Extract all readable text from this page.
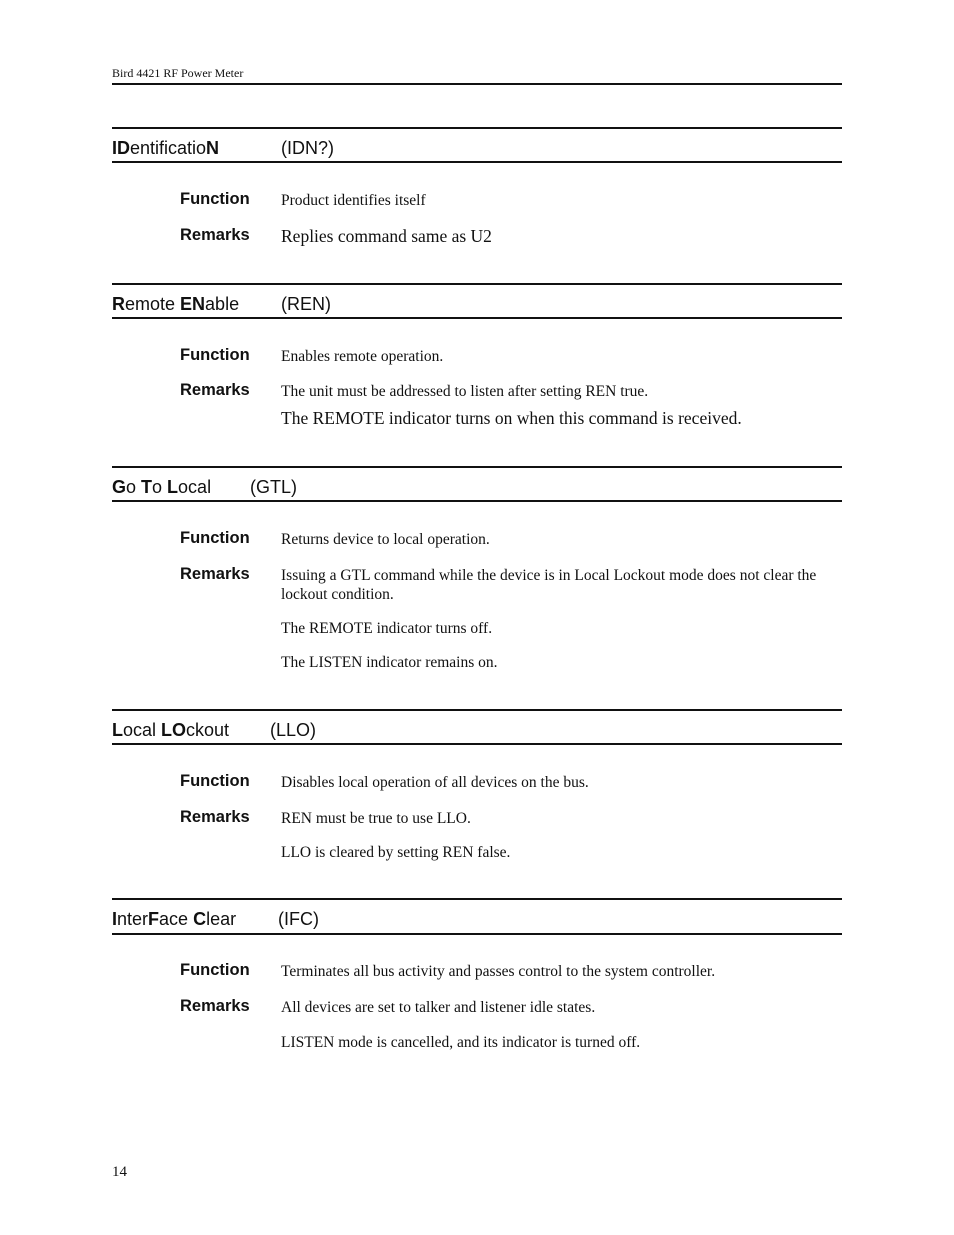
Bird 4421 RF Power Meter
IDentificatioN	(IDN?)
Function Product identifies itself
Remarks Replies command same as U2
Remote ENable (REN)
Function Enables remote operation.
Remarks The unit must be addressed to listen after setting REN true.
The REMOTE indicator turns on when this command is received.
Go To Local (GTL)
Function Returns device to local operation.
Remarks Issuing a GTL command while the device is in Local Lockout mode does not clear the lockout condition.
The REMOTE indicator turns off.
The LISTEN indicator remains on.
Local LOckout (LLO)
Function Disables local operation of all devices on the bus.
Remarks REN must be true to use LLO.
LLO is cleared by setting REN false.
InterFace Clear (IFC)
Function Terminates all bus activity and passes control to the system controller.
Remarks All devices are set to talker and listener idle states.
LISTEN mode is cancelled, and its indicator is turned off.
14
